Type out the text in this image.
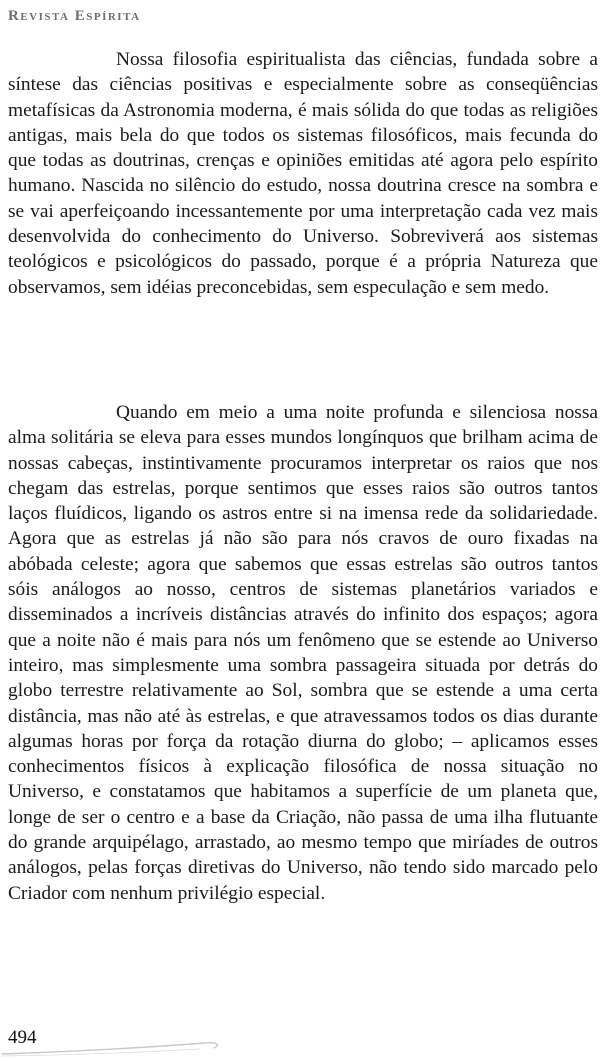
Revista Espírita

Nossa filosofia espiritualista das ciências, fundada sobre a síntese das ciências positivas e especialmente sobre as conseqüências metafísicas da Astronomia moderna, é mais sólida do que todas as religiões antigas, mais bela do que todos os sistemas filosóficos, mais fecunda do que todas as doutrinas, crenças e opiniões emitidas até agora pelo espírito humano. Nascida no silêncio do estudo, nossa doutrina cresce na sombra e se vai aperfeiçoando incessantemente por uma interpretação cada vez mais desenvolvida do conhecimento do Universo. Sobreviverá aos sistemas teológicos e psicológicos do passado, porque é a própria Natureza que observamos, sem idéias preconcebidas, sem especulação e sem medo.

Quando em meio a uma noite profunda e silenciosa nossa alma solitária se eleva para esses mundos longínquos que brilham acima de nossas cabeças, instintivamente procuramos interpretar os raios que nos chegam das estrelas, porque sentimos que esses raios são outros tantos laços fluídicos, ligando os astros entre si na imensa rede da solidariedade. Agora que as estrelas já não são para nós cravos de ouro fixadas na abóbada celeste; agora que sabemos que essas estrelas são outros tantos sóis análogos ao nosso, centros de sistemas planetários variados e disseminados a incríveis distâncias através do infinito dos espaços; agora que a noite não é mais para nós um fenômeno que se estende ao Universo inteiro, mas simplesmente uma sombra passageira situada por detrás do globo terrestre relativamente ao Sol, sombra que se estende a uma certa distância, mas não até às estrelas, e que atravessamos todos os dias durante algumas horas por força da rotação diurna do globo; – aplicamos esses conhecimentos físicos à explicação filosófica de nossa situação no Universo, e constatamos que habitamos a superfície de um planeta que, longe de ser o centro e a base da Criação, não passa de uma ilha flutuante do grande arquipélago, arrastado, ao mesmo tempo que miríades de outros análogos, pelas forças diretivas do Universo, não tendo sido marcado pelo Criador com nenhum privilégio especial.

494
